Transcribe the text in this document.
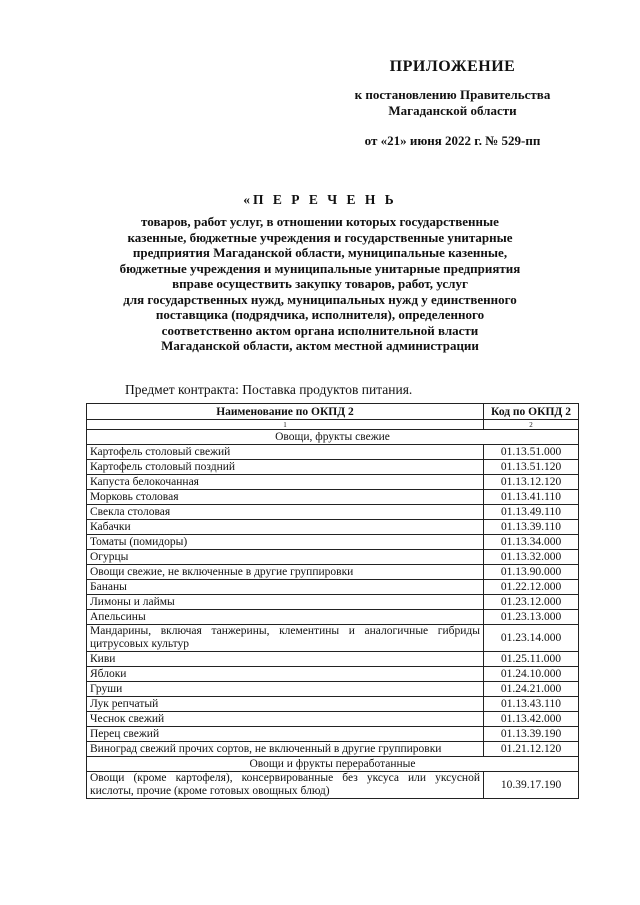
ПРИЛОЖЕНИЕ
к постановлению Правительства
Магаданской области
от «21» июня 2022 г. № 529-пп
«П Е Р Е Ч Е Н Ь
товаров, работ услуг, в отношении которых государственные
казенные, бюджетные учреждения и государственные унитарные
предприятия Магаданской области, муниципальные казенные,
бюджетные учреждения и муниципальные унитарные предприятия
вправе осуществить закупку товаров, работ, услуг
для государственных нужд, муниципальных нужд у единственного
поставщика (подрядчика, исполнителя), определенного
соответственно актом органа исполнительной власти
Магаданской области, актом местной администрации
Предмет контракта: Поставка продуктов питания.
Наименование по ОКПД 2	Код по ОКПД 2
1	2
Овощи, фрукты свежие	
Картофель столовый свежий	01.13.51.000
Картофель столовый поздний	01.13.51.120
Капуста белокочанная	01.13.12.120
Морковь столовая	01.13.41.110
Свекла столовая	01.13.49.110
Кабачки	01.13.39.110
Томаты (помидоры)	01.13.34.000
Огурцы	01.13.32.000
Овощи свежие, не включенные в другие группировки	01.13.90.000
Бананы	01.22.12.000
Лимоны и лаймы	01.23.12.000
Апельсины	01.23.13.000
Мандарины, включая танжерины, клементины и аналогичные гибриды цитрусовых культур	01.23.14.000
Киви	01.25.11.000
Яблоки	01.24.10.000
Груши	01.24.21.000
Лук репчатый	01.13.43.110
Чеснок свежий	01.13.42.000
Перец свежий	01.13.39.190
Виноград свежий прочих сортов, не включенный в другие группировки	01.21.12.120
Овощи и фрукты переработанные	
Овощи (кроме картофеля), консервированные без уксуса или уксусной кислоты, прочие (кроме готовых овощных блюд)	10.39.17.190
